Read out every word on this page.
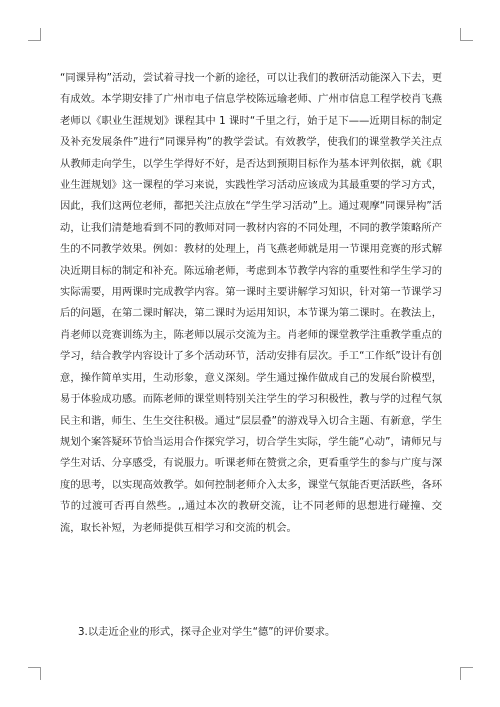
“同课异构”活动，尝试着寻找一个新的途径，可以让我们的教研活动能深入下去，更有成效。本学期安排了广州市电子信息学校陈远瑜老师、广州市信息工程学校肖飞燕老师以《职业生涯规划》课程其中 1 课时“千里之行，始于足下——近期目标的制定及补充发展条件”进行“同课异构”的教学尝试。有效教学，使我们的课堂教学关注点从教师走向学生，以学生学得好不好，是否达到预期目标作为基本评判依据，就《职业生涯规划》这一课程的学习来说，实践性学习活动应该成为其最重要的学习方式，因此，我们这两位老师，都把关注点放在“学生学习活动”上。通过观摩“同课异构”活动，让我们清楚地看到不同的教师对同一教材内容的不同处理，不同的教学策略所产生的不同教学效果。例如：教材的处理上，肖飞燕老师就是用一节课用竞赛的形式解决近期目标的制定和补充。陈远瑜老师，考虑到本节教学内容的重要性和学生学习的实际需要，用两课时完成教学内容。第一课时主要讲解学习知识，针对第一节课学习后的问题，在第二课时解决，第二课时为运用知识，本节课为第二课时。在教法上，肖老师以竞赛训练为主，陈老师以展示交流为主。肖老师的课堂教学注重教学重点的学习，结合教学内容设计了多个活动环节，活动安排有层次。手工“工作纸”设计有创意，操作简单实用，生动形象，意义深刻。学生通过操作做成自己的发展台阶模型，易于体验成功感。而陈老师的课堂则特别关注学生的学习积极性，教与学的过程气氛民主和谐，师生、生生交往积极。通过“层层叠”的游戏导入切合主题、有新意，学生规划个案答疑环节恰当运用合作探究学习，切合学生实际，学生能“心动”，请师兄与学生对话、分享感受，有说服力。听课老师在赞赏之余，更看重学生的参与广度与深度的思考，以实现高效教学。如何控制老师介入太多，课堂气氛能否更活跃些，各环节的过渡可否再自然些。,,通过本次的教研交流，让不同老师的思想进行碰撞、交流，取长补短，为老师提供互相学习和交流的机会。

3.以走近企业的形式，探寻企业对学生“德”的评价要求。
